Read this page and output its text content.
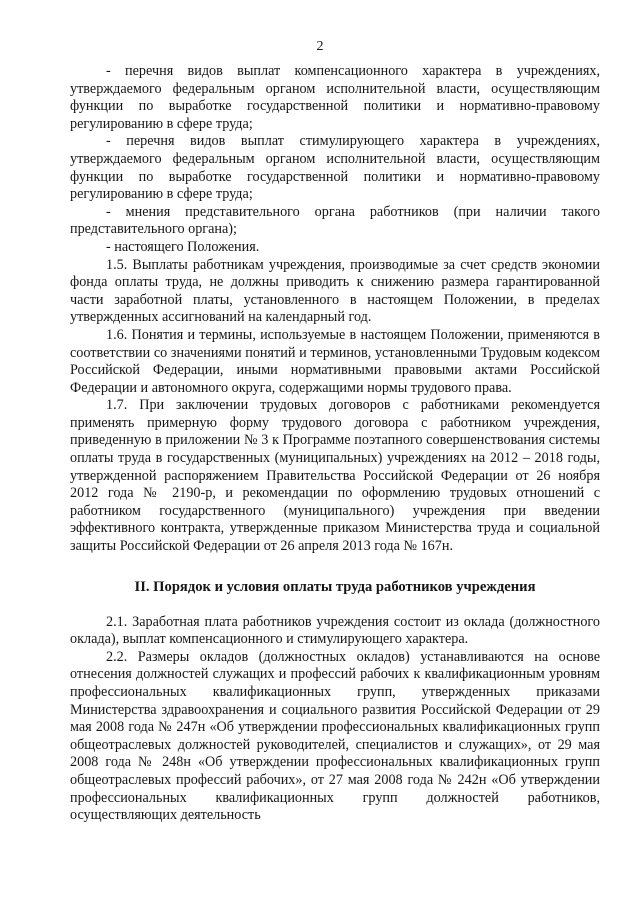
2

- перечня видов выплат компенсационного характера в учреждениях, утверждаемого федеральным органом исполнительной власти, осуществляющим функции по выработке государственной политики и нормативно-правовому регулированию в сфере труда;

- перечня видов выплат стимулирующего характера в учреждениях, утверждаемого федеральным органом исполнительной власти, осуществляющим функции по выработке государственной политики и нормативно-правовому регулированию в сфере труда;

- мнения представительного органа работников (при наличии такого представительного органа);

- настоящего Положения.

1.5. Выплаты работникам учреждения, производимые за счет средств экономии фонда оплаты труда, не должны приводить к снижению размера гарантированной части заработной платы, установленного в настоящем Положении, в пределах утвержденных ассигнований на календарный год.

1.6. Понятия и термины, используемые в настоящем Положении, применяются в соответствии со значениями понятий и терминов, установленными Трудовым кодексом Российской Федерации, иными нормативными правовыми актами Российской Федерации и автономного округа, содержащими нормы трудового права.

1.7. При заключении трудовых договоров с работниками рекомендуется применять примерную форму трудового договора с работником учреждения, приведенную в приложении № 3 к Программе поэтапного совершенствования системы оплаты труда в государственных (муниципальных) учреждениях на 2012 – 2018 годы, утвержденной распоряжением Правительства Российской Федерации от 26 ноября 2012 года № 2190-р, и рекомендации по оформлению трудовых отношений с работником государственного (муниципального) учреждения при введении эффективного контракта, утвержденные приказом Министерства труда и социальной защиты Российской Федерации от 26 апреля 2013 года № 167н.

II. Порядок и условия оплаты труда работников учреждения

2.1. Заработная плата работников учреждения состоит из оклада (должностного оклада), выплат компенсационного и стимулирующего характера.

2.2. Размеры окладов (должностных окладов) устанавливаются на основе отнесения должностей служащих и профессий рабочих к квалификационным уровням профессиональных квалификационных групп, утвержденных приказами Министерства здравоохранения и социального развития Российской Федерации от 29 мая 2008 года № 247н «Об утверждении профессиональных квалификационных групп общеотраслевых должностей руководителей, специалистов и служащих», от 29 мая 2008 года № 248н «Об утверждении профессиональных квалификационных групп общеотраслевых профессий рабочих», от 27 мая 2008 года № 242н «Об утверждении профессиональных квалификационных групп должностей работников, осуществляющих деятельность
